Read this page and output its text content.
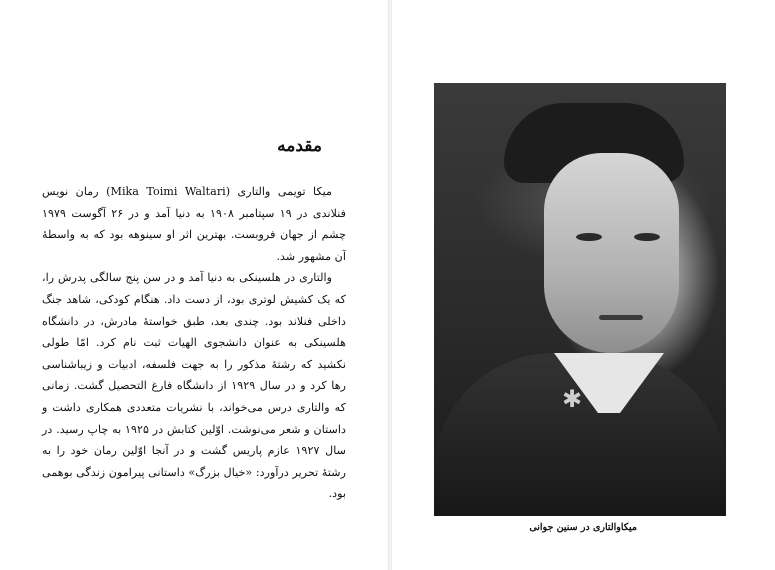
مقدمه

میکا تویمی والتاری (Mika Toimi Waltari) رمان نویس فنلاندی در ۱۹ سپتامبر ۱۹۰۸ به دنیا آمد و در ۲۶ آگوست ۱۹۷۹ چشم از جهان فروبست. بهترین اثر او سینوهه بود که به واسطهٔ آن مشهور شد.

والتاری در هلسینکی به دنیا آمد و در سن پنج سالگی پدرش را، که یک کشیش لوتری بود، از دست داد. هنگام کودکی، شاهد جنگ داخلی فنلاند بود. چندی بعد، طبق خواستهٔ مادرش، در دانشگاه هلسینکی به عنوان دانشجوی الهیات ثبت نام کرد. امّا طولی نکشید که رشتهٔ مذکور را به جهت فلسفه، ادبیات و زیباشناسی رها کرد و در سال ۱۹۲۹ از دانشگاه فارغ التحصیل گشت. زمانی که والتاری درس می‌خواند، با نشریات متعددی همکاری داشت و داستان و شعر می‌نوشت. اوّلین کتابش در ۱۹۲۵ به چاپ رسید. در سال ۱۹۲۷ عازم پاریس گشت و در آنجا اوّلین رمان خود را به رشتهٔ تحریر درآورد: «خیال بزرگ» داستانی پیرامون زندگی بوهمی بود.

✱
میکاوالتاری در سنین جوانی
